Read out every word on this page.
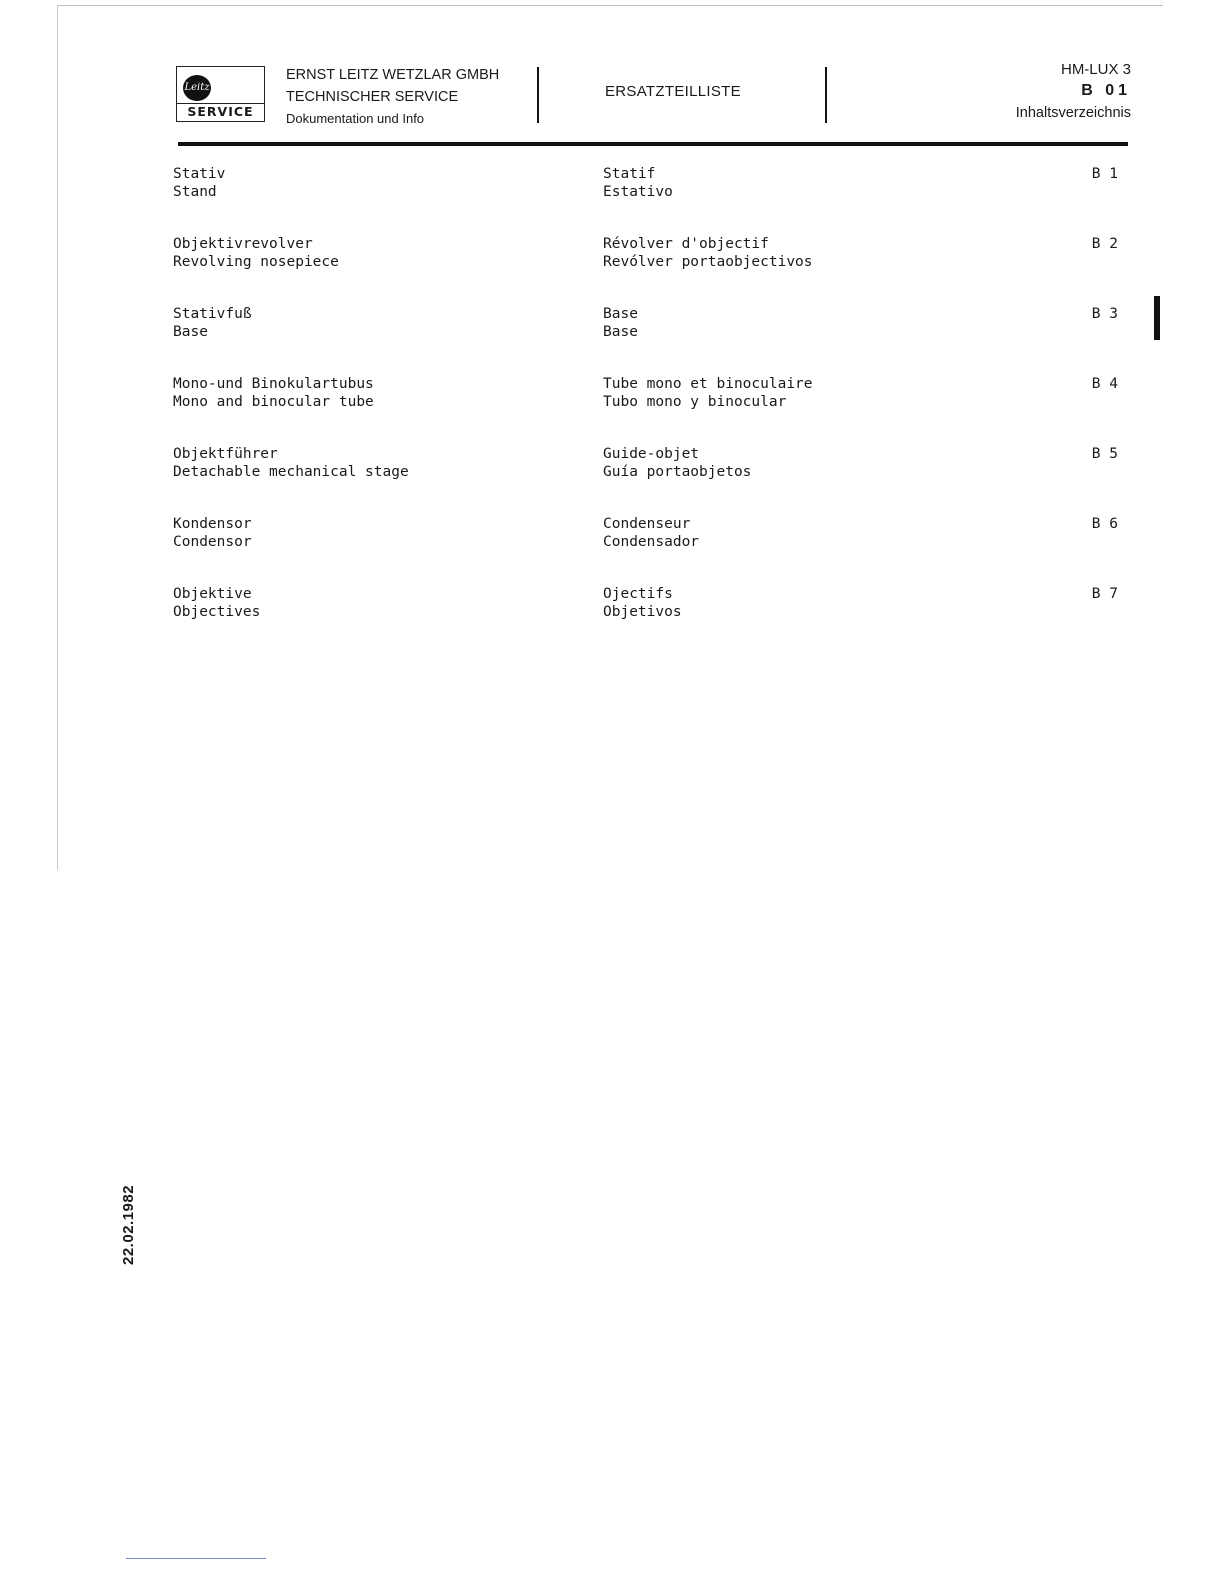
Leitz
SERVICE
ERNST LEITZ WETZLAR GMBH
TECHNISCHER SERVICE
Dokumentation und Info
ERSATZTEILLISTE
HM-LUX 3
B 01
Inhaltsverzeichnis
Stativ
Stand
Statif
Estativo
B 1
Objektivrevolver
Revolving nosepiece
Révolver d'objectif
Revólver portaobjectivos
B 2
Stativfuß
Base
Base
Base
B 3
Mono-und Binokulartubus
Mono and binocular tube
Tube mono et binoculaire
Tubo mono y binocular
B 4
Objektführer
Detachable mechanical stage
Guide-objet
Guía portaobjetos
B 5
Kondensor
Condensor
Condenseur
Condensador
B 6
Objektive
Objectives
Ojectifs
Objetivos
B 7
22.02.1982
